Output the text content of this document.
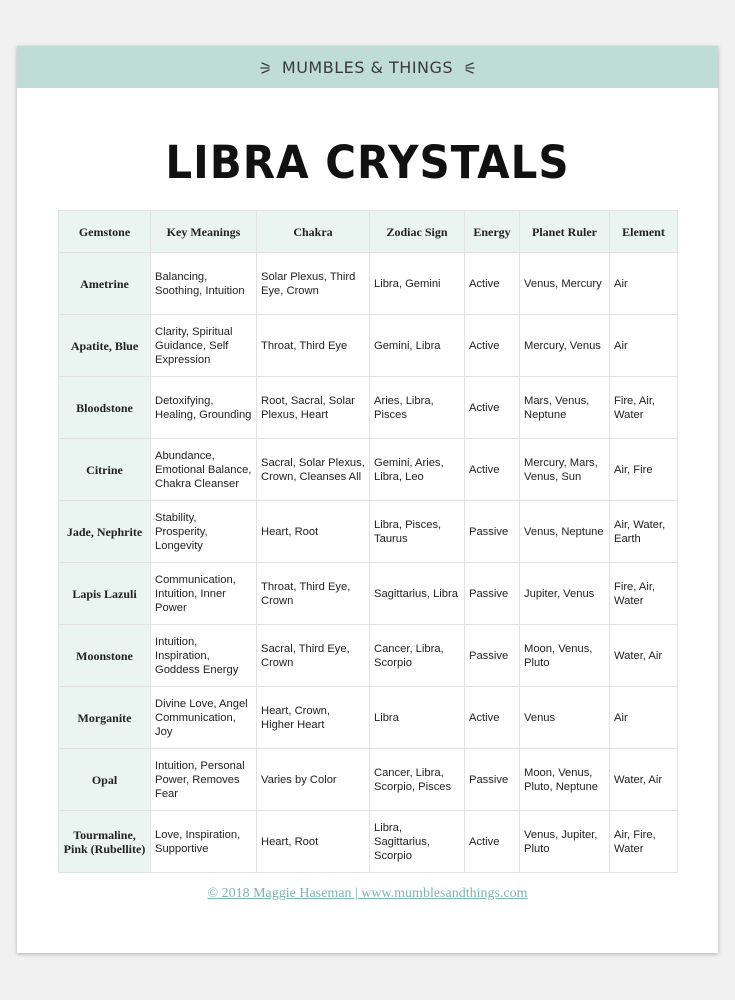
MUMBLES & THINGS
LIBRA CRYSTALS
Gemstone	Key Meanings	Chakra	Zodiac Sign	Energy	Planet Ruler	Element
Ametrine	Balancing, Soothing, Intuition	Solar Plexus, Third Eye, Crown	Libra, Gemini	Active	Venus, Mercury	Air
Apatite, Blue	Clarity, Spiritual Guidance, Self Expression	Throat, Third Eye	Gemini, Libra	Active	Mercury, Venus	Air
Bloodstone	Detoxifying, Healing, Grounding	Root, Sacral, Solar Plexus, Heart	Aries, Libra, Pisces	Active	Mars, Venus, Neptune	Fire, Air, Water
Citrine	Abundance, Emotional Balance, Chakra Cleanser	Sacral, Solar Plexus, Crown, Cleanses All	Gemini, Aries, Libra, Leo	Active	Mercury, Mars, Venus, Sun	Air, Fire
Jade, Nephrite	Stability, Prosperity, Longevity	Heart, Root	Libra, Pisces, Taurus	Passive	Venus, Neptune	Air, Water, Earth
Lapis Lazuli	Communication, Intuition, Inner Power	Throat, Third Eye, Crown	Sagittarius, Libra	Passive	Jupiter, Venus	Fire, Air, Water
Moonstone	Intuition, Inspiration, Goddess Energy	Sacral, Third Eye, Crown	Cancer, Libra, Scorpio	Passive	Moon, Venus, Pluto	Water, Air
Morganite	Divine Love, Angel Communication, Joy	Heart, Crown, Higher Heart	Libra	Active	Venus	Air
Opal	Intuition, Personal Power, Removes Fear	Varies by Color	Cancer, Libra, Scorpio, Pisces	Passive	Moon, Venus, Pluto, Neptune	Water, Air
Tourmaline, Pink (Rubellite)	Love, Inspiration, Supportive	Heart, Root	Libra, Sagittarius, Scorpio	Active	Venus, Jupiter, Pluto	Air, Fire, Water
© 2018 Maggie Haseman | www.mumblesandthings.com
